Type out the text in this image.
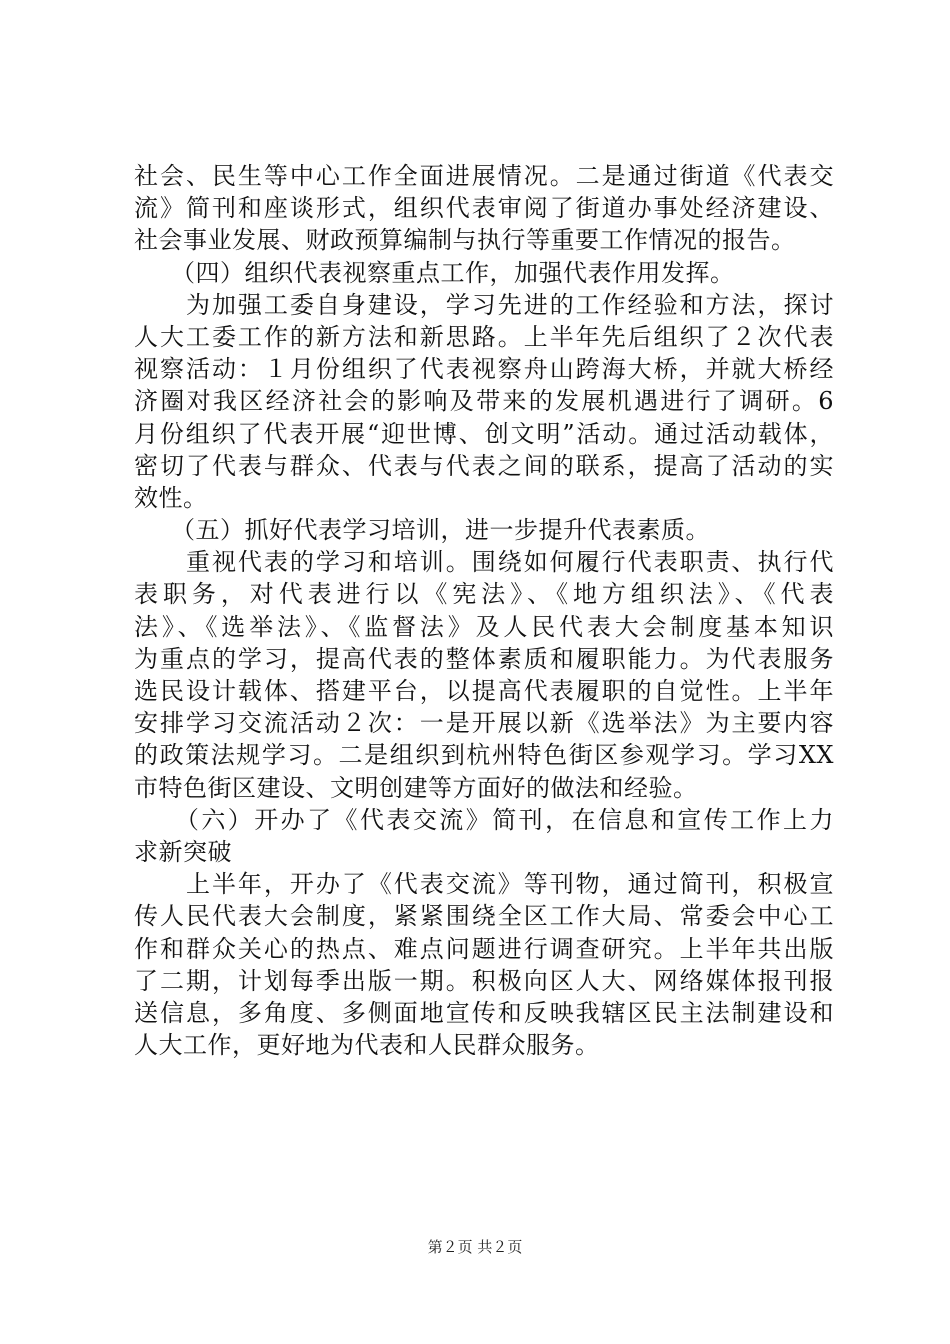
社会、民生等中心工作全面进展情况。二是通过街道《代表交
流》简刊和座谈形式，组织代表审阅了街道办事处经济建设、
社会事业发展、财政预算编制与执行等重要工作情况的报告。
　　（四）组织代表视察重点工作，加强代表作用发挥。
　　为加强工委自身建设，学习先进的工作经验和方法，探讨
人大工委工作的新方法和新思路。上半年先后组织了２次代表
视察活动：１月份组织了代表视察舟山跨海大桥，并就大桥经
济圈对我区经济社会的影响及带来的发展机遇进行了调研。6
月份组织了代表开展“迎世博、创文明”活动。通过活动载体，
密切了代表与群众、代表与代表之间的联系，提高了活动的实
效性。
　　（五）抓好代表学习培训，进一步提升代表素质。
　　重视代表的学习和培训。围绕如何履行代表职责、执行代
表职务，对代表进行以《宪法》、《地方组织法》、《代表
法》、《选举法》、《监督法》及人民代表大会制度基本知识
为重点的学习，提高代表的整体素质和履职能力。为代表服务
选民设计载体、搭建平台，以提高代表履职的自觉性。上半年
安排学习交流活动２次：一是开展以新《选举法》为主要内容
的政策法规学习。二是组织到杭州特色街区参观学习。学习XX
市特色街区建设、文明创建等方面好的做法和经验。
　　（六）开办了《代表交流》简刊，在信息和宣传工作上力
求新突破
　　上半年，开办了《代表交流》等刊物，通过简刊，积极宣
传人民代表大会制度，紧紧围绕全区工作大局、常委会中心工
作和群众关心的热点、难点问题进行调查研究。上半年共出版
了二期，计划每季出版一期。积极向区人大、网络媒体报刊报
送信息，多角度、多侧面地宣传和反映我辖区民主法制建设和
人大工作，更好地为代表和人民群众服务。
第２页 共２页
